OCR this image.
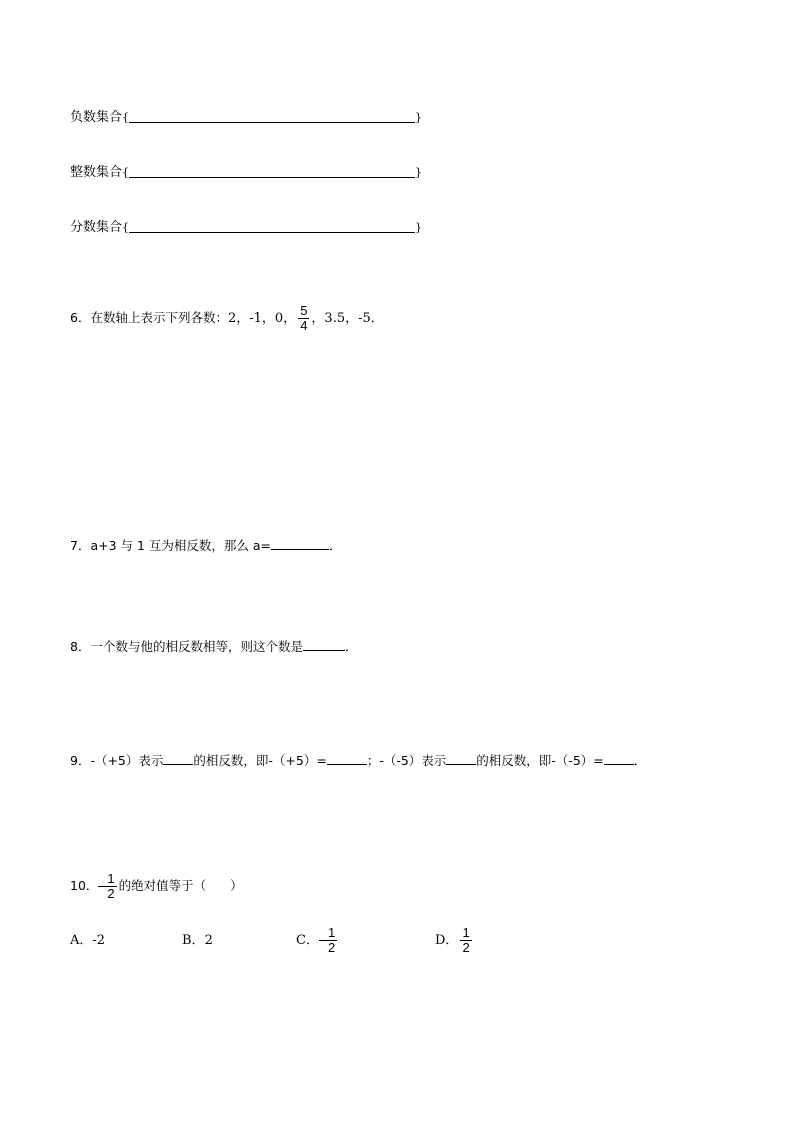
负数集合 {	}
整数集合 {	}
分数集合 {	}
6．在数轴上表示下列各数：2，-1，0， $\frac{5}{4}$ ，3.5，-5．
7．a+3 与 1 互为相反数，那么 a=	．
8．一个数与他的相反数相等，则这个数是	．
9．-（+5）表示 的相反数，即-（+5）=	；-（-5）表示 的相反数，即-（-5）= ．
10． $\frac{1}{2}$ 的绝对值等于（ ）
A．-2	B．2	C． $\frac{1}{2}$	D． $\frac{1}{2}$
